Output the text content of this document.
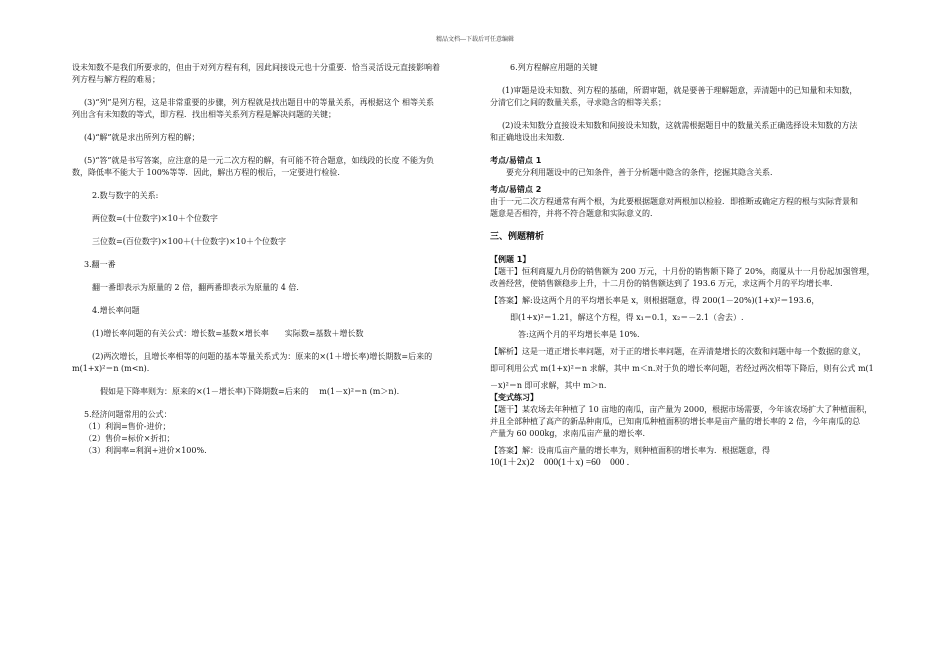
精品文档---下载后可任意编辑
设未知数不是我们所要求的，但由于对列方程有利，因此间接设元也十分重要．恰当灵活设元直接影响着
列方程与解方程的难易；
(3)“列”是列方程，这是非常重要的步骤，列方程就是找出题目中的等量关系，再根据这个 相等关系
列出含有未知数的等式，即方程．找出相等关系列方程是解决问题的关键；
(4)“解”就是求出所列方程的解；
(5)“答”就是书写答案，应注意的是一元二次方程的解，有可能不符合题意，如线段的长度 不能为负
数，降低率不能大于 100%等等．因此，解出方程的根后，一定要进行检验．
2.数与数字的关系:
两位数=(十位数字)×10＋个位数字
三位数=(百位数字)×100＋(十位数字)×10＋个位数字
3.翻一番
翻一番即表示为原量的 2 倍，翻两番即表示为原量的 4 倍．
4.增长率问题
(1)增长率问题的有关公式：增长数=基数×增长率　　实际数=基数＋增长数
(2)两次增长，且增长率相等的问题的基本等量关系式为：原来的×(1＋增长率)增长期数=后来的
m(1+x)²＝n (m<n).
假如是下降率则为：原来的×(1－增长率)下降期数=后来的　 m(1－x)²＝n (m＞n).
5.经济问题常用的公式：
（1）利润=售价-进价；
（2）售价=标价×折扣；
（3）利润率=利润÷进价×100%.
6.列方程解应用题的关键
(1)审题是设未知数、列方程的基础，所谓审题，就是要善于理解题意，弄清题中的已知量和未知数，
分清它们之间的数量关系，寻求隐含的相等关系；
(2)设未知数分直接设未知数和间接设未知数，这就需根据题目中的数量关系正确选择设未知数的方法
和正确地设出未知数．
考点/易错点 1
要充分利用题设中的已知条件，善于分析题中隐含的条件，挖掘其隐含关系．
考点/易错点 2
由于一元二次方程通常有两个根，为此要根据题意对两根加以检验．即推断或确定方程的根与实际背景和
题意是否相符，并将不符合题意和实际意义的．
三、例题精析
【例题 1】
【题干】恒利商厦九月份的销售额为 200 万元，十月份的销售额下降了 20%，商厦从十一月份起加强管理，
改善经营，使销售额稳步上升，十二月份的销售额达到了 193.6 万元，求这两个月的平均增长率.
【答案】解:设这两个月的平均增长率是 x，则根据题意，得 200(1－20%)(1+x)²＝193.6，
即(1+x)²＝1.21，解这个方程，得 x₁＝0.1，x₂＝－2.1（舍去）.
答:这两个月的平均增长率是 10%.
【解析】这是一道正增长率问题，对于正的增长率问题，在弄清楚增长的次数和问题中每一个数据的意义，
即可利用公式 m(1+x)²＝n 求解，其中 m＜n.对于负的增长率问题，若经过两次相等下降后，则有公式 m(1
－x)²＝n 即可求解，其中 m＞n.
【变式练习】
【题干】某农场去年种植了 10 亩地的南瓜，亩产量为 2000，根据市场需要，今年该农场扩大了种植面积，
并且全部种植了高产的新品种南瓜，已知南瓜种植面积的增长率是亩产量的增长率的 2 倍，今年南瓜的总
产量为 60 000kg，求南瓜亩产量的增长率.
【答案】解：设南瓜亩产量的增长率为，则种植面积的增长率为．根据题意，得
10(1＋2x)2　000(1＋x) =60　000 .
